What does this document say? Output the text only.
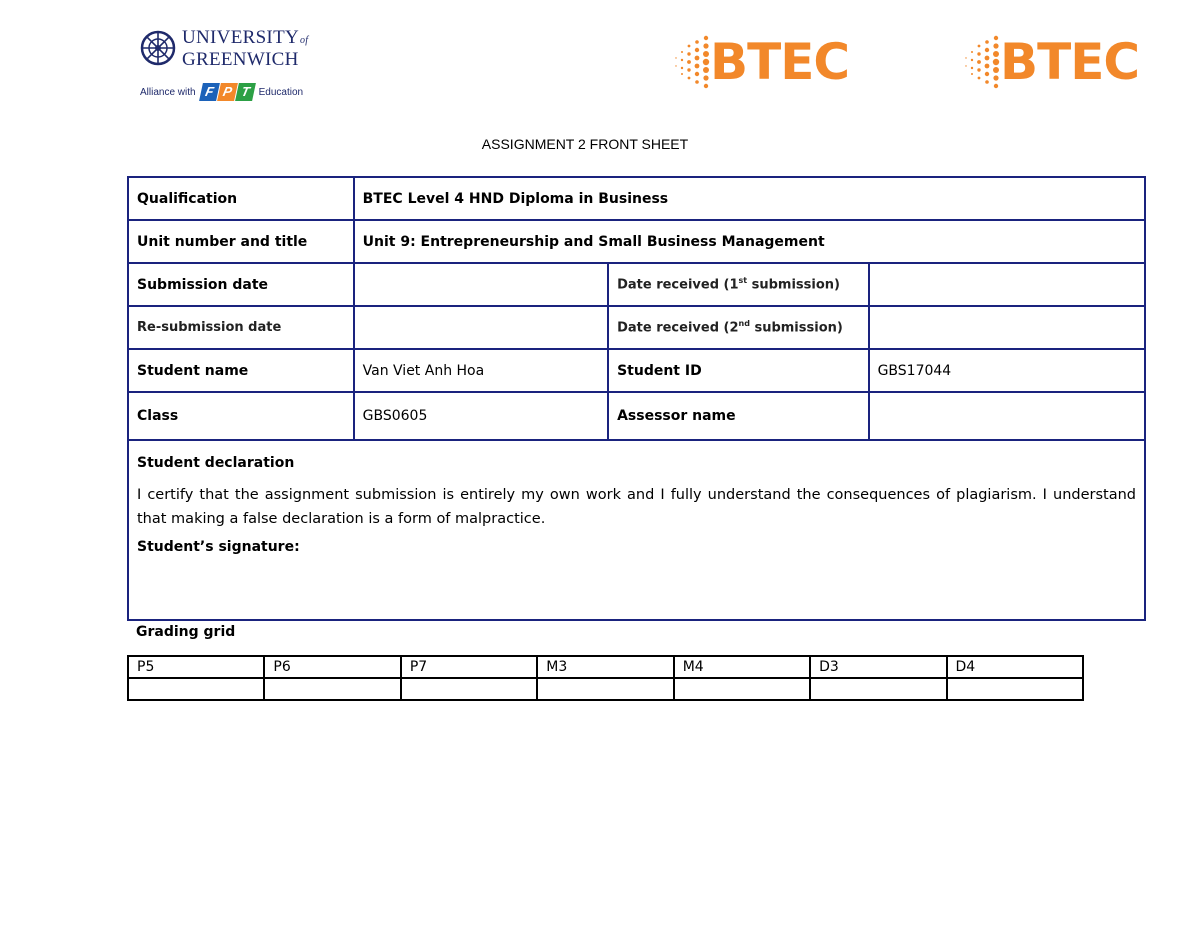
UNIVERSITYof
GREENWICH
Alliance with F P T Education
BTEC	BTEC
ASSIGNMENT 2 FRONT SHEET
Qualification	BTEC Level 4 HND Diploma in Business		
Unit number and title	Unit 9: Entrepreneurship and Small Business Management		
Submission date		Date received (1st submission)	
Re-submission date		Date received (2nd submission)	
Student name	Van Viet Anh Hoa	Student ID	GBS17044
Class	GBS0605	Assessor name	

Student declaration

I certify that the assignment submission is entirely my own work and I fully understand the consequences of plagiarism. I understand that making a false declaration is a form of malpractice.

Student’s signature:			

Grading grid
P5	P6	P7	M3	M4	D3	D4
